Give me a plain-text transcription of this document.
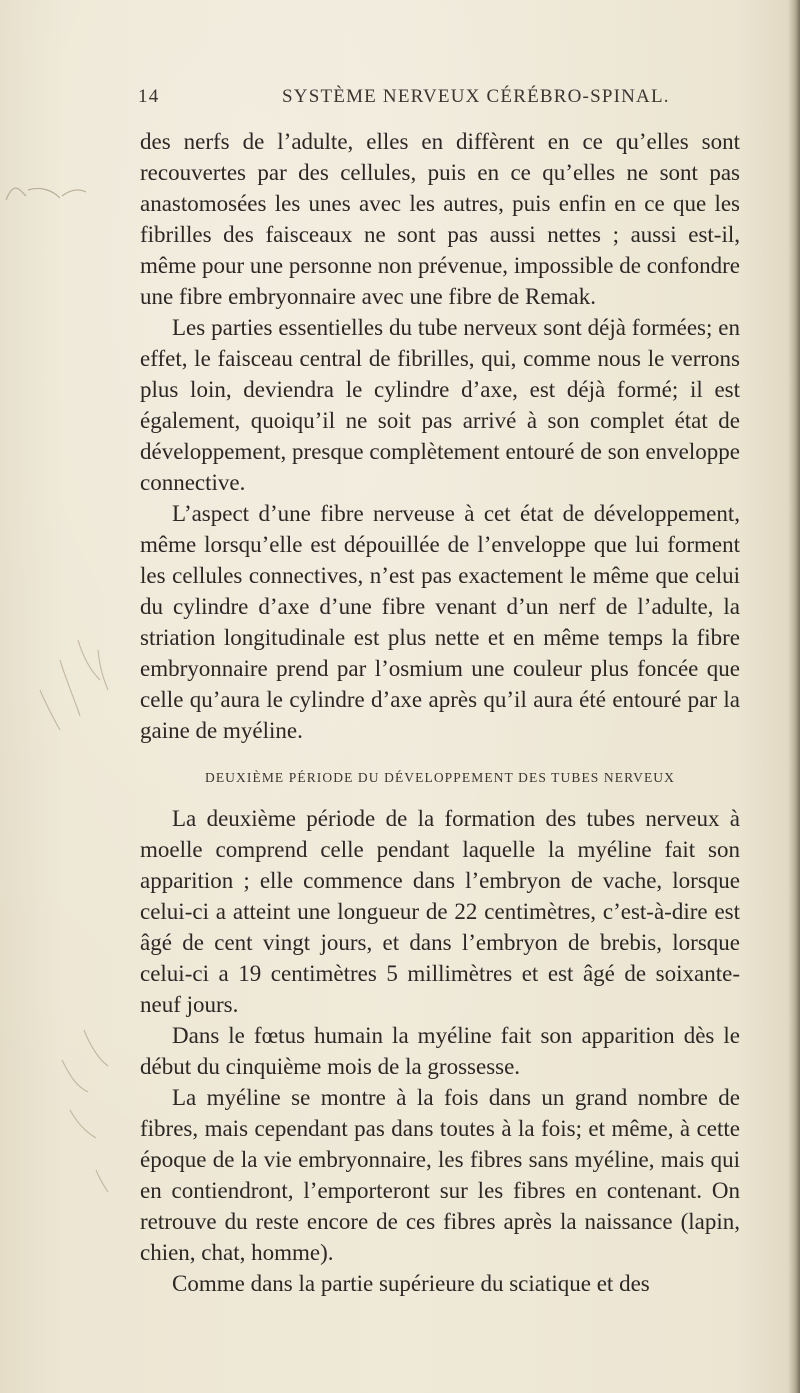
14	SYSTÈME NERVEUX CÉRÉBRO-SPINAL.

des nerfs de l’adulte, elles en diffèrent en ce qu’elles sont recouvertes par des cellules, puis en ce qu’elles ne sont pas anastomosées les unes avec les autres, puis enfin en ce que les fibrilles des faisceaux ne sont pas aussi nettes ; aussi est-il, même pour une personne non prévenue, impossible de confondre une fibre embryonnaire avec une fibre de Remak.

Les parties essentielles du tube nerveux sont déjà formées; en effet, le faisceau central de fibrilles, qui, comme nous le verrons plus loin, deviendra le cylindre d’axe, est déjà formé; il est également, quoiqu’il ne soit pas arrivé à son complet état de développement, presque complètement entouré de son enveloppe connective.

L’aspect d’une fibre nerveuse à cet état de développement, même lorsqu’elle est dépouillée de l’enveloppe que lui forment les cellules connectives, n’est pas exactement le même que celui du cylindre d’axe d’une fibre venant d’un nerf de l’adulte, la striation longitudinale est plus nette et en même temps la fibre embryonnaire prend par l’osmium une couleur plus foncée que celle qu’aura le cylindre d’axe après qu’il aura été entouré par la gaine de myéline.

DEUXIÈME PÉRIODE DU DÉVELOPPEMENT DES TUBES NERVEUX

La deuxième période de la formation des tubes nerveux à moelle comprend celle pendant laquelle la myéline fait son apparition ; elle commence dans l’embryon de vache, lorsque celui-ci a atteint une longueur de 22 centimètres, c’est-à-dire est âgé de cent vingt jours, et dans l’embryon de brebis, lorsque celui-ci a 19 centimètres 5 millimètres et est âgé de soixante-neuf jours.

Dans le fœtus humain la myéline fait son apparition dès le début du cinquième mois de la grossesse.

La myéline se montre à la fois dans un grand nombre de fibres, mais cependant pas dans toutes à la fois; et même, à cette époque de la vie embryonnaire, les fibres sans myéline, mais qui en contiendront, l’emporteront sur les fibres en contenant. On retrouve du reste encore de ces fibres après la naissance (lapin, chien, chat, homme).

Comme dans la partie supérieure du sciatique et des
